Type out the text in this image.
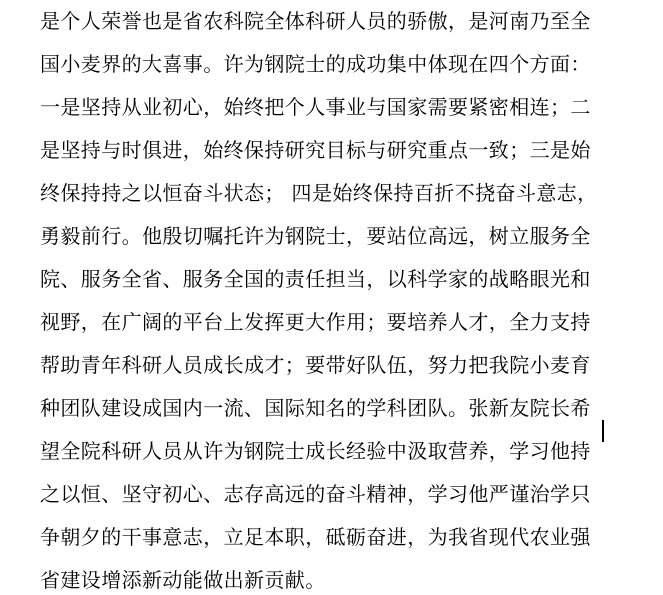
是个人荣誉也是省农科院全体科研人员的骄傲，是河南乃至全
国小麦界的大喜事。许为钢院士的成功集中体现在四个方面：
一是坚持从业初心，始终把个人事业与国家需要紧密相连；二
是坚持与时俱进，始终保持研究目标与研究重点一致；三是始
终保持持之以恒奋斗状态； 四是始终保持百折不挠奋斗意志，
勇毅前行。他殷切嘱托许为钢院士，要站位高远，树立服务全
院、服务全省、服务全国的责任担当，以科学家的战略眼光和
视野，在广阔的平台上发挥更大作用；要培养人才，全力支持
帮助青年科研人员成长成才；要带好队伍，努力把我院小麦育
种团队建设成国内一流、国际知名的学科团队。张新友院长希
望全院科研人员从许为钢院士成长经验中汲取营养，学习他持
之以恒、坚守初心、志存高远的奋斗精神，学习他严谨治学只
争朝夕的干事意志，立足本职，砥砺奋进，为我省现代农业强
省建设增添新动能做出新贡献。
